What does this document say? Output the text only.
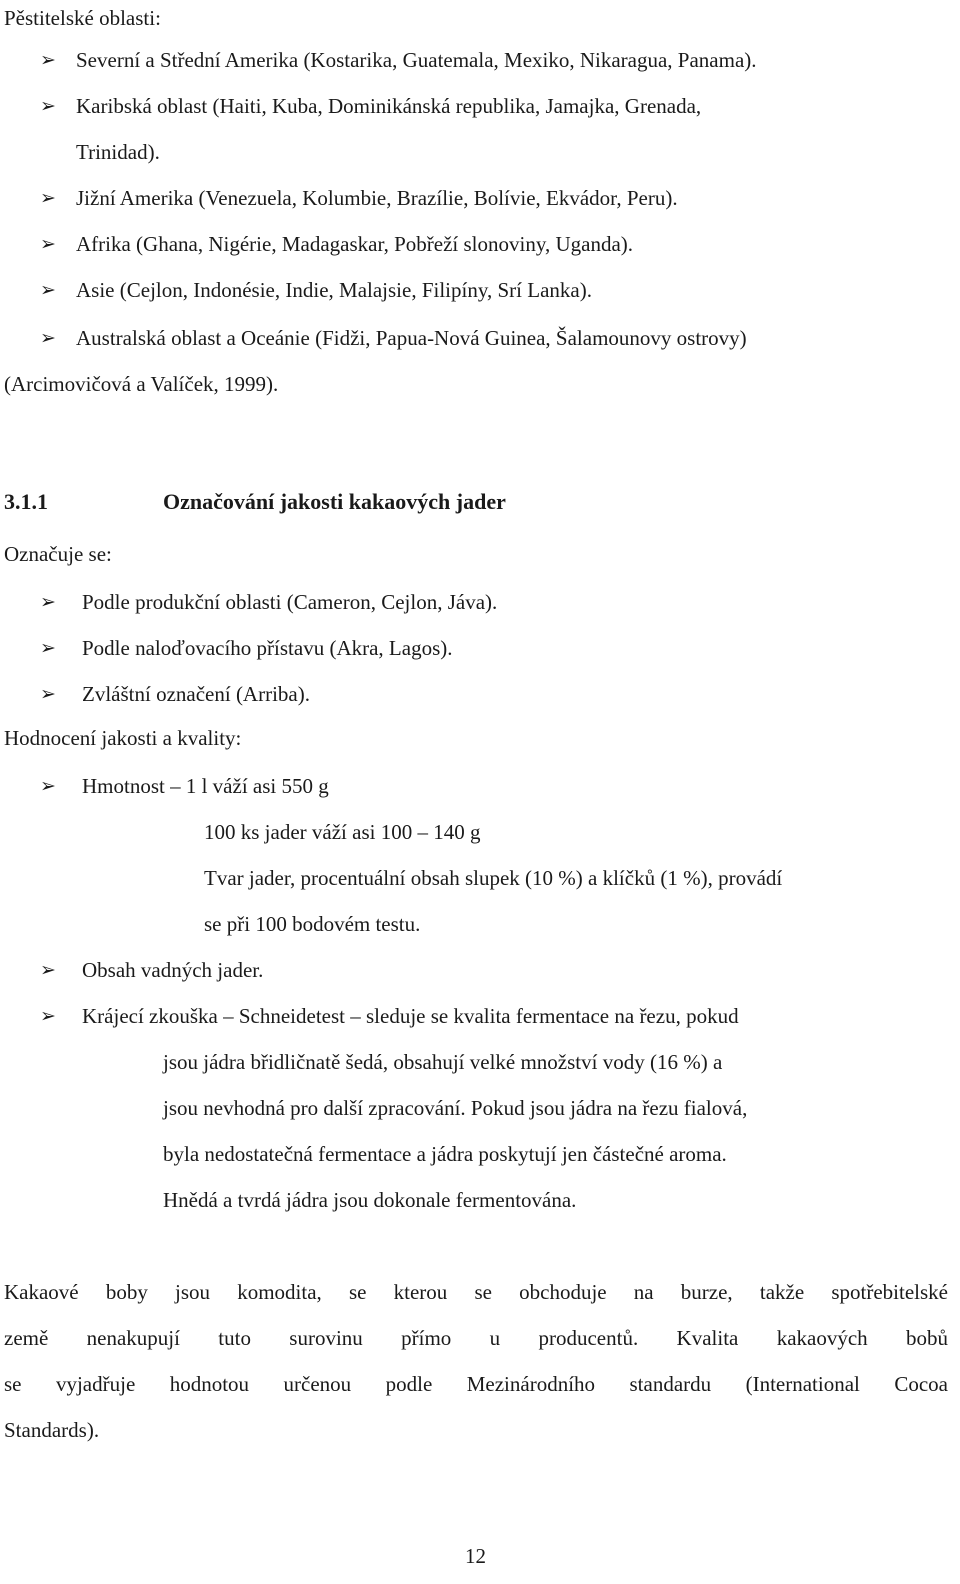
Pěstitelské oblasti:
➢ Severní a Střední Amerika (Kostarika, Guatemala, Mexiko, Nikaragua, Panama).
➢ Karibská oblast (Haiti, Kuba, Dominikánská republika, Jamajka, Grenada,
Trinidad).
➢ Jižní Amerika (Venezuela, Kolumbie, Brazílie, Bolívie, Ekvádor, Peru).
➢ Afrika (Ghana, Nigérie, Madagaskar, Pobřeží slonoviny, Uganda).
➢ Asie (Cejlon, Indonésie, Indie, Malajsie, Filipíny, Srí Lanka).
➢ Australská oblast a Oceánie (Fidži, Papua-Nová Guinea, Šalamounovy ostrovy)
(Arcimovičová a Valíček, 1999).
3.1.1	Označování jakosti kakaových jader
Označuje se:
➢ Podle produkční oblasti (Cameron, Cejlon, Jáva).
➢ Podle naloďovacího přístavu (Akra, Lagos).
➢ Zvláštní označení (Arriba).
Hodnocení jakosti a kvality:
➢ Hmotnost – 1 l váží asi 550 g
100 ks jader váží asi 100 – 140 g
Tvar jader, procentuální obsah slupek (10 %) a klíčků (1 %), provádí
se při 100 bodovém testu.
➢ Obsah vadných jader.
➢ Krájecí zkouška – Schneidetest – sleduje se kvalita fermentace na řezu, pokud
jsou jádra břidličnatě šedá, obsahují velké množství vody (16 %) a
jsou nevhodná pro další zpracování. Pokud jsou jádra na řezu fialová,
byla nedostatečná fermentace a jádra poskytují jen částečné aroma.
Hnědá a tvrdá jádra jsou dokonale fermentována.
Kakaové boby jsou komodita, se kterou se obchoduje na burze, takže spotřebitelské
země nenakupují tuto surovinu přímo u producentů. Kvalita kakaových bobů
se vyjadřuje hodnotou určenou podle Mezinárodního standardu (International Cocoa
Standards).
12
